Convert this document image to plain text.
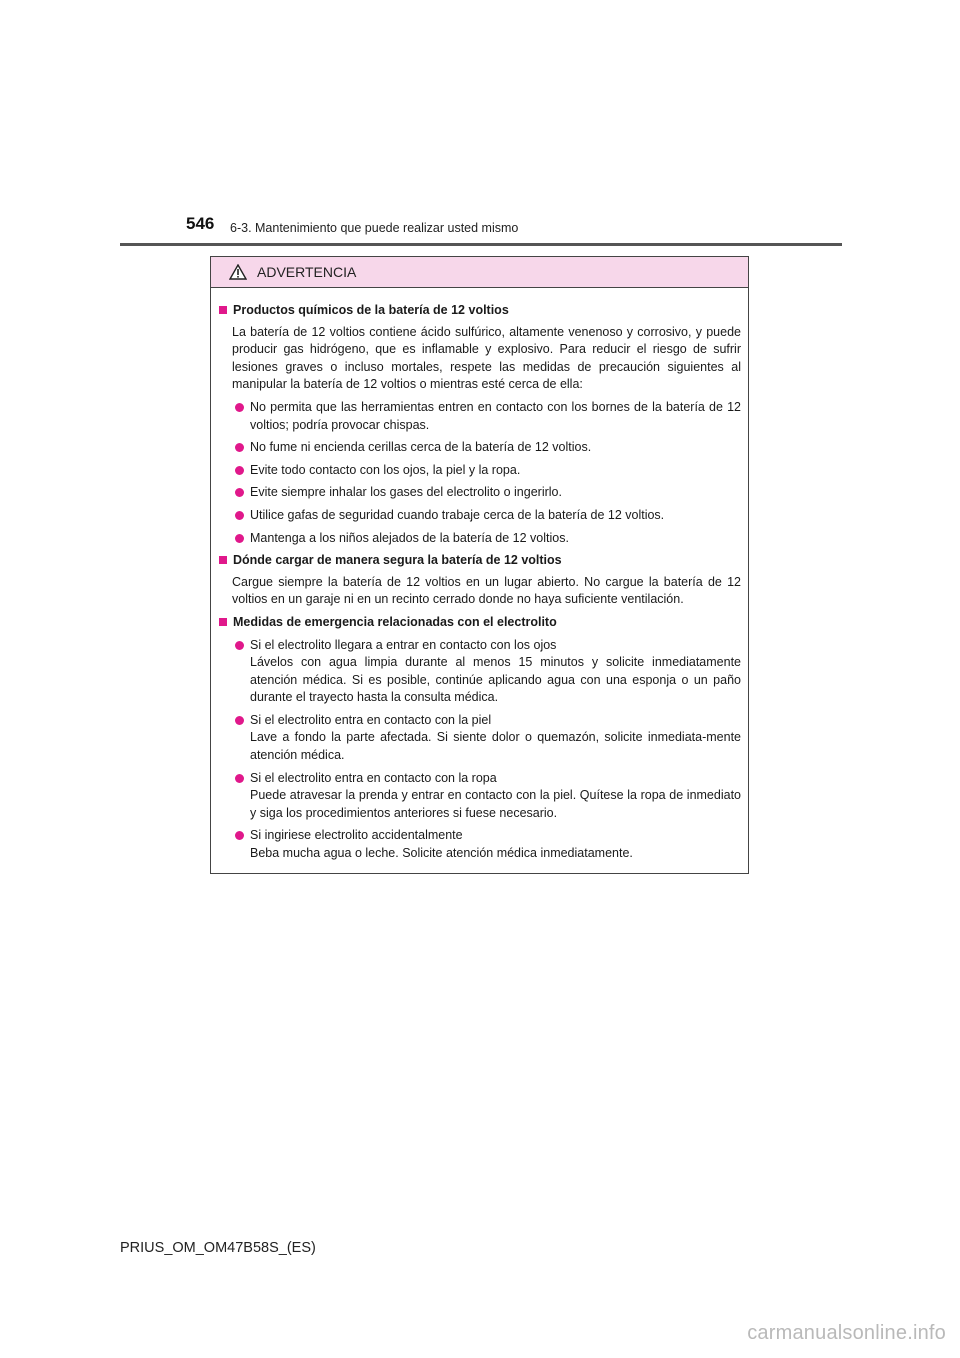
546 6-3. Mantenimiento que puede realizar usted mismo
ADVERTENCIA
Productos químicos de la batería de 12 voltios
La batería de 12 voltios contiene ácido sulfúrico, altamente venenoso y corrosivo, y puede producir gas hidrógeno, que es inflamable y explosivo. Para reducir el riesgo de sufrir lesiones graves o incluso mortales, respete las medidas de precaución siguientes al manipular la batería de 12 voltios o mientras esté cerca de ella:
No permita que las herramientas entren en contacto con los bornes de la batería de 12 voltios; podría provocar chispas.
No fume ni encienda cerillas cerca de la batería de 12 voltios.
Evite todo contacto con los ojos, la piel y la ropa.
Evite siempre inhalar los gases del electrolito o ingerirlo.
Utilice gafas de seguridad cuando trabaje cerca de la batería de 12 voltios.
Mantenga a los niños alejados de la batería de 12 voltios.
Dónde cargar de manera segura la batería de 12 voltios
Cargue siempre la batería de 12 voltios en un lugar abierto. No cargue la batería de 12 voltios en un garaje ni en un recinto cerrado donde no haya suficiente ventilación.
Medidas de emergencia relacionadas con el electrolito
Si el electrolito llegara a entrar en contacto con los ojos
Lávelos con agua limpia durante al menos 15 minutos y solicite inmediatamente atención médica. Si es posible, continúe aplicando agua con una esponja o un paño durante el trayecto hasta la consulta médica.
Si el electrolito entra en contacto con la piel
Lave a fondo la parte afectada. Si siente dolor o quemazón, solicite inmediata-mente atención médica.
Si el electrolito entra en contacto con la ropa
Puede atravesar la prenda y entrar en contacto con la piel. Quítese la ropa de inmediato y siga los procedimientos anteriores si fuese necesario.
Si ingiriese electrolito accidentalmente
Beba mucha agua o leche. Solicite atención médica inmediatamente.
PRIUS_OM_OM47B58S_(ES)
carmanualsonline.info
